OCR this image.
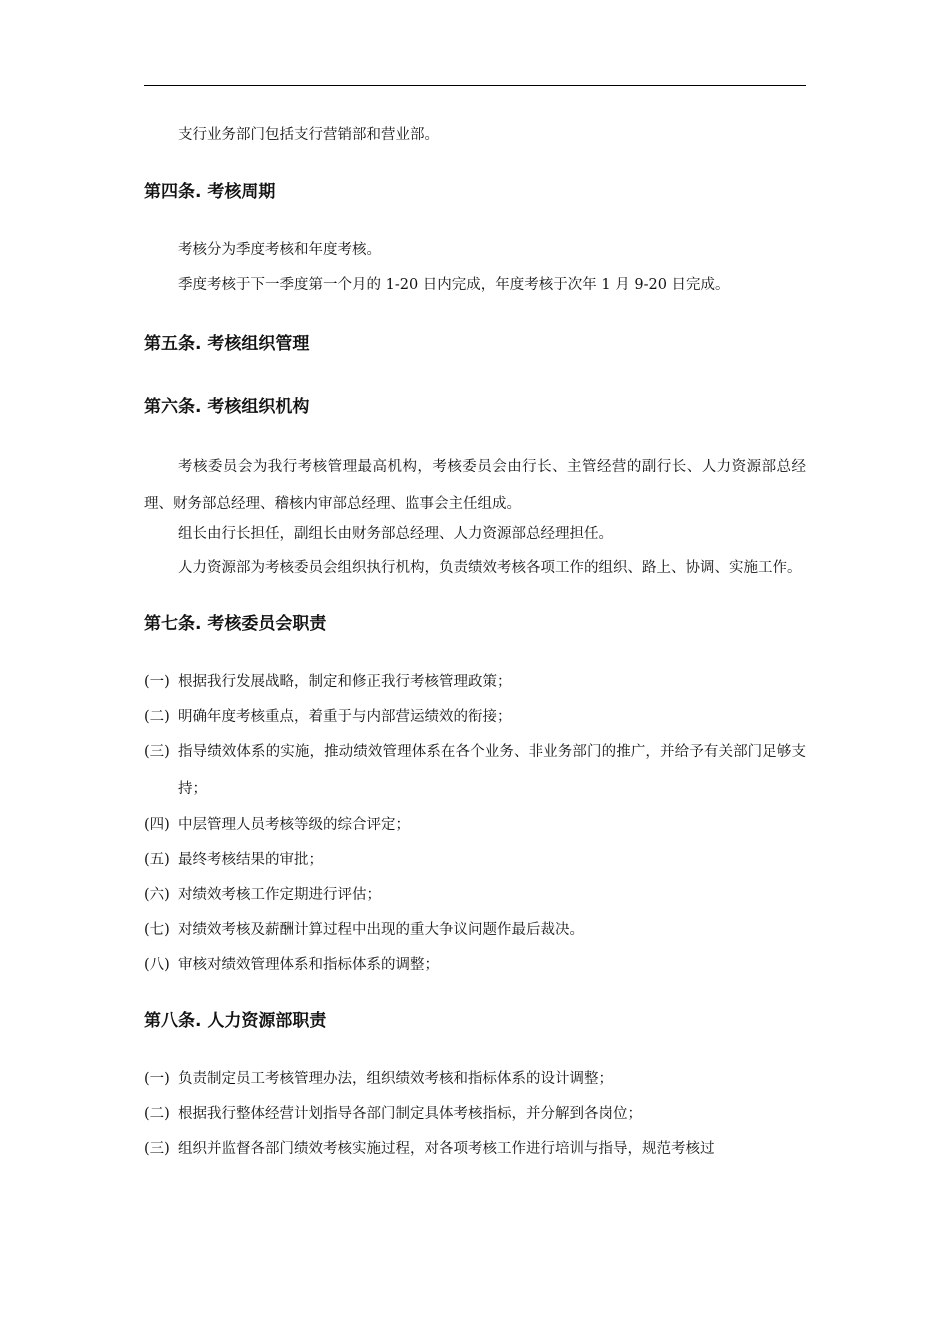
支行业务部门包括支行营销部和营业部。

第四条. 考核周期

考核分为季度考核和年度考核。

季度考核于下一季度第一个月的 1-20 日内完成，年度考核于次年 1 月 9-20 日完成。

第五条. 考核组织管理

第六条. 考核组织机构

考核委员会为我行考核管理最高机构，考核委员会由行长、主管经营的副行长、人力资源部总经理、财务部总经理、稽核内审部总经理、监事会主任组成。

组长由行长担任，副组长由财务部总经理、人力资源部总经理担任。

人力资源部为考核委员会组织执行机构，负责绩效考核各项工作的组织、路上、协调、实施工作。

第七条. 考核委员会职责

(一) 根据我行发展战略，制定和修正我行考核管理政策；
(二) 明确年度考核重点，着重于与内部营运绩效的衔接；
(三) 指导绩效体系的实施，推动绩效管理体系在各个业务、非业务部门的推广，并给予有关部门足够支持；
(四) 中层管理人员考核等级的综合评定；
(五) 最终考核结果的审批；
(六) 对绩效考核工作定期进行评估；
(七) 对绩效考核及薪酬计算过程中出现的重大争议问题作最后裁决。
(八) 审核对绩效管理体系和指标体系的调整；

第八条. 人力资源部职责

(一) 负责制定员工考核管理办法，组织绩效考核和指标体系的设计调整；
(二) 根据我行整体经营计划指导各部门制定具体考核指标，并分解到各岗位；
(三) 组织并监督各部门绩效考核实施过程，对各项考核工作进行培训与指导，规范考核过
